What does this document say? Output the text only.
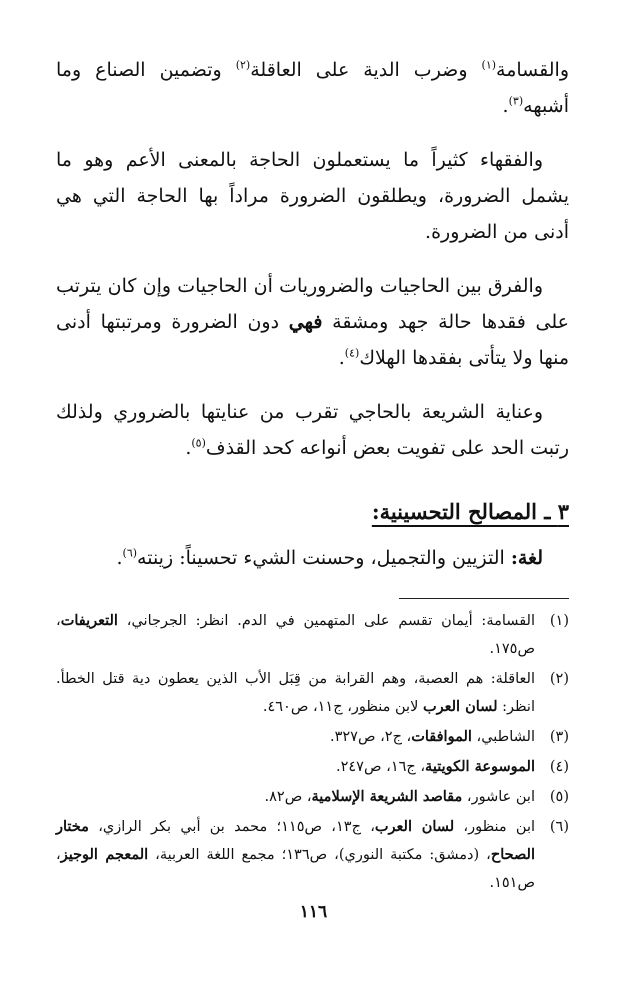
والقسامة$^{(١)}$ وضرب الدية على العاقلة$^{(٢)}$ وتضمين الصناع وما أشبهه$^{(٣)}$.

والفقهاء كثيراً ما يستعملون الحاجة بالمعنى الأعم وهو ما يشمل الضرورة، ويطلقون الضرورة مراداً بها الحاجة التي هي أدنى من الضرورة.

والفرق بين الحاجيات والضروريات أن الحاجيات وإن كان يترتب على فقدها حالة جهد ومشقة فهي دون الضرورة ومرتبتها أدنى منها ولا يتأتى بفقدها الهلاك$^{(٤)}$.

وعناية الشريعة بالحاجي تقرب من عنايتها بالضروري ولذلك رتبت الحد على تفويت بعض أنواعه كحد القذف$^{(٥)}$.

٣ ـ المصالح التحسينية:

لغة: التزيين والتجميل، وحسنت الشيء تحسيناً: زينته$^{(٦)}$.

(١)
القسامة: أيمان تقسم على المتهمين في الدم. انظر: الجرجاني، التعريفات، ص١٧٥.
(٢)
العاقلة: هم العصبة، وهم القرابة من قِبَل الأب الذين يعطون دية قتل الخطأ. انظر: لسان العرب لابن منظور، ج١١، ص٤٦٠.
(٣)
الشاطبي، الموافقات، ج٢، ص٣٢٧.
(٤)
الموسوعة الكويتية، ج١٦، ص٢٤٧.
(٥)
ابن عاشور، مقاصد الشريعة الإسلامية، ص٨٢.
(٦)
ابن منظور، لسان العرب، ج١٣، ص١١٥؛ محمد بن أبي بكر الرازي، مختار الصحاح، (دمشق: مكتبة النوري)، ص١٣٦؛ مجمع اللغة العربية، المعجم الوجيز، ص١٥١.
١١٦
